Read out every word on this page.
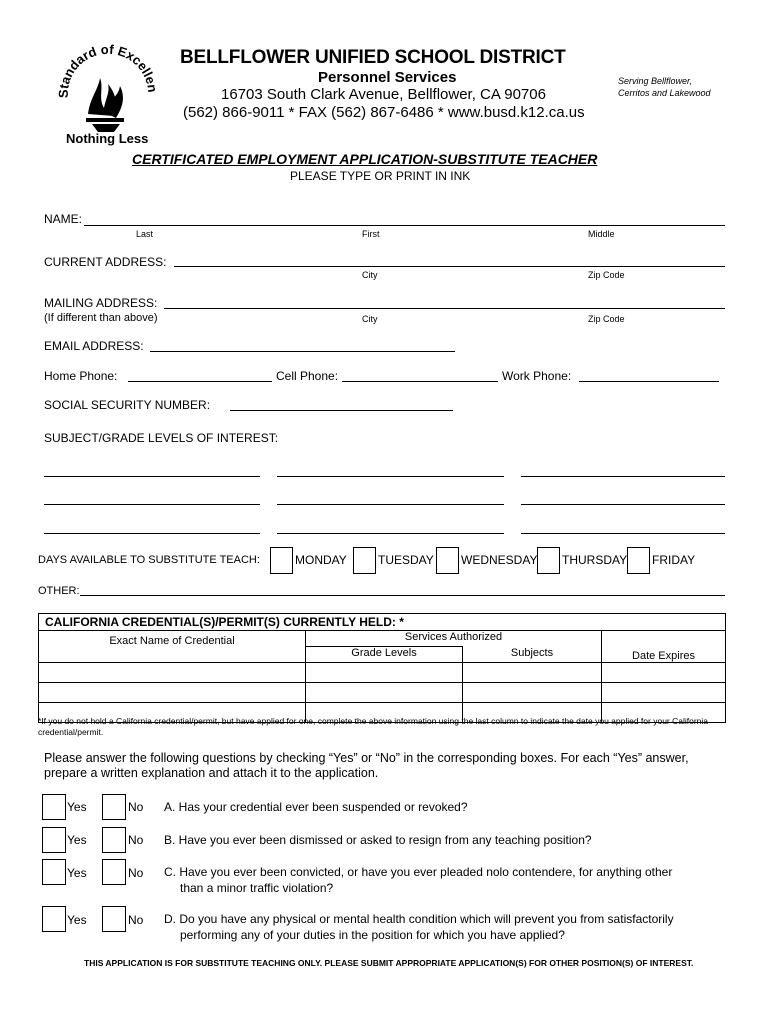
Standard of Excellen
Nothing Less
BELLFLOWER UNIFIED SCHOOL DISTRICT
Personnel Services
16703 South Clark Avenue, Bellflower, CA 90706
(562) 866-9011 * FAX (562) 867-6486 * www.busd.k12.ca.us
Serving Bellflower,
Cerritos and Lakewood
CERTIFICATED EMPLOYMENT APPLICATION-SUBSTITUTE TEACHER
PLEASE TYPE OR PRINT IN INK
NAME:
Last	First	Middle
CURRENT ADDRESS:
City	Zip Code
MAILING ADDRESS:
(If different than above)	City	Zip Code
EMAIL ADDRESS:
Home Phone:	Cell Phone:	Work Phone:
SOCIAL SECURITY NUMBER:
SUBJECT/GRADE LEVELS OF INTEREST:
DAYS AVAILABLE TO SUBSTITUTE TEACH:	MONDAY	TUESDAY WEDNESDAY THURSDAY FRIDAY
OTHER:
CALIFORNIA CREDENTIAL(S)/PERMIT(S) CURRENTLY HELD: *			
Exact Name of Credential	Services Authorized		Date Expires
	Grade Levels	Subjects	

*If you do not hold a California credential/permit, but have applied for one, complete the above information using the last column to indicate the date you applied for your California credential/permit.
Please answer the following questions by checking “Yes” or “No” in the corresponding boxes. For each “Yes” answer, prepare a written explanation and attach it to the application.
Yes	No A. Has your credential ever been suspended or revoked?
Yes	No B. Have you ever been dismissed or asked to resign from any teaching position?
Yes	No C. Have you ever been convicted, or have you ever pleaded nolo contendere, for anything other
than a minor traffic violation?
Yes	No D. Do you have any physical or mental health condition which will prevent you from satisfactorily
performing any of your duties in the position for which you have applied?
THIS APPLICATION IS FOR SUBSTITUTE TEACHING ONLY. PLEASE SUBMIT APPROPRIATE APPLICATION(S) FOR OTHER POSITION(S) OF INTEREST.
